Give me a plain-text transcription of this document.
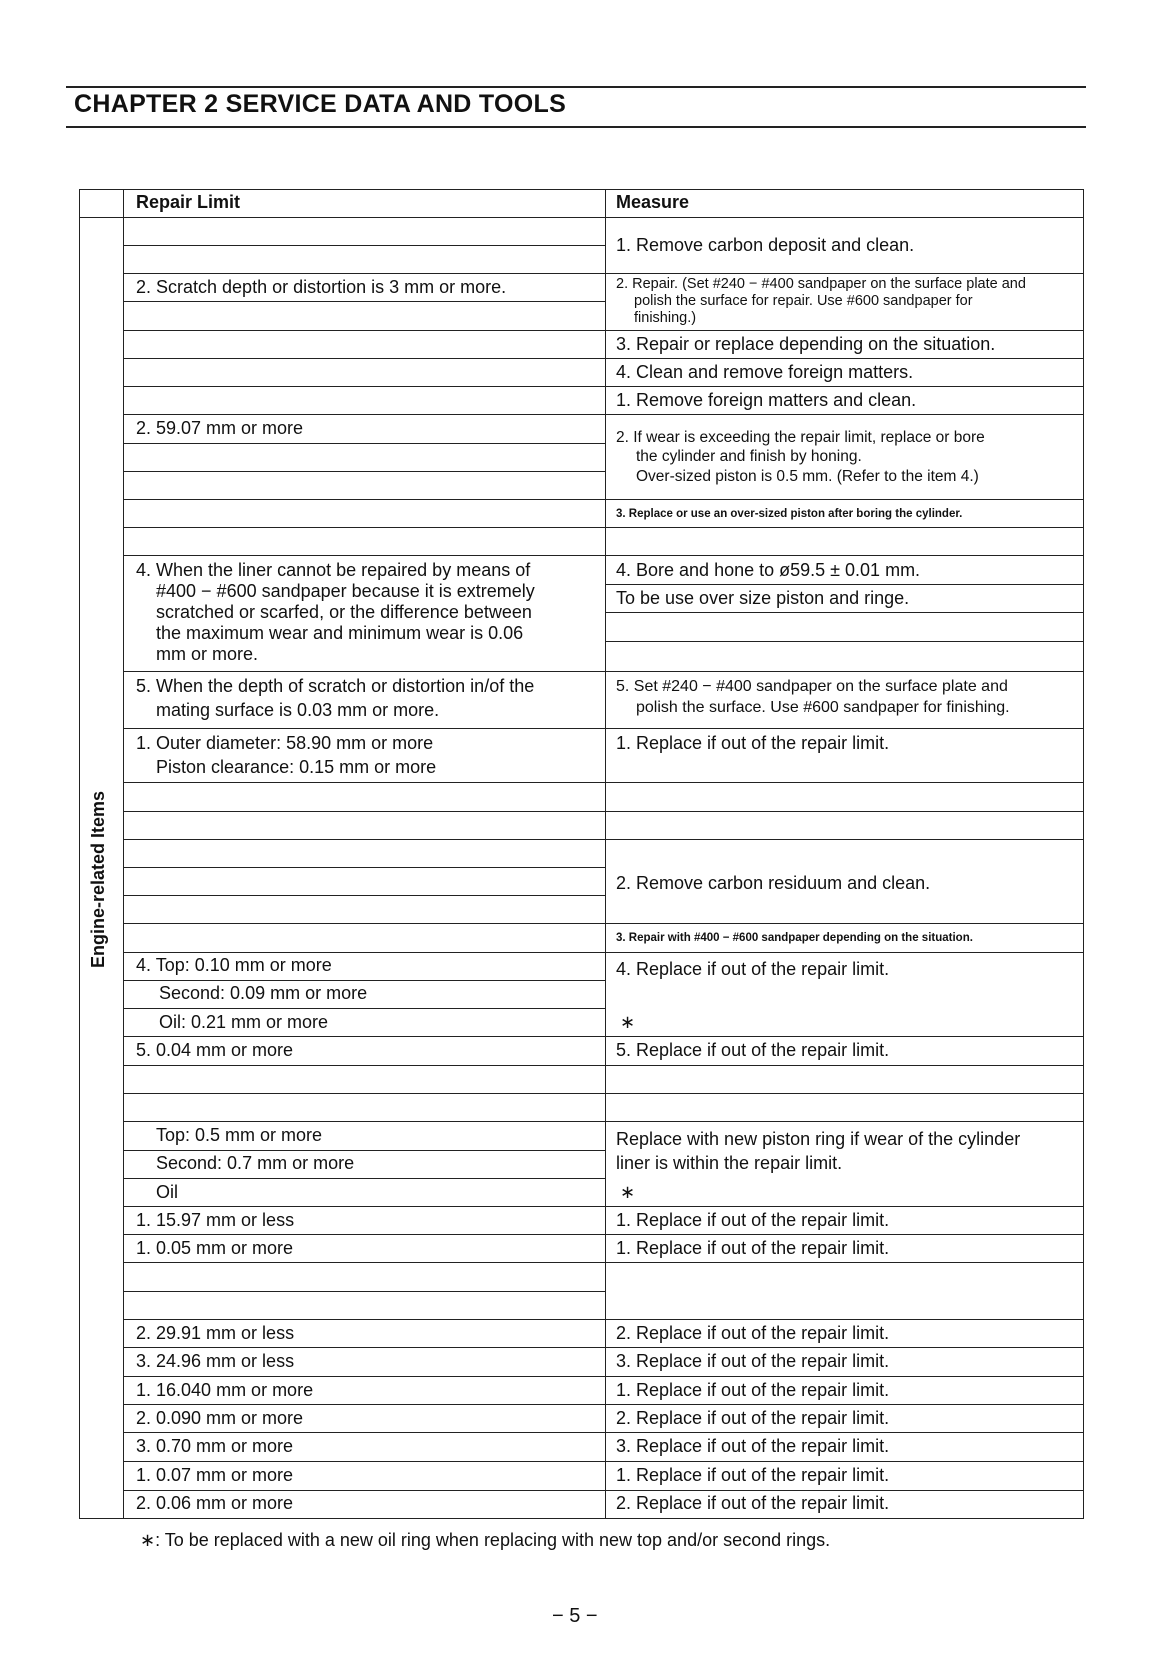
CHAPTER 2 SERVICE DATA AND TOOLS
Repair Limit	Measure
Engine-related Items
2. Scratch depth or distortion is 3 mm or more.
2. 59.07 mm or more
4. When the liner cannot be repaired by means of
#400 − #600 sandpaper because it is extremely
scratched or scarfed, or the difference between
the maximum wear and minimum wear is 0.06
mm or more.
5. When the depth of scratch or distortion in/of the
mating surface is 0.03 mm or more.
1. Outer diameter: 58.90 mm or more
Piston clearance: 0.15 mm or more
4. Top: 0.10 mm or more
Second: 0.09 mm or more
Oil: 0.21 mm or more
5. 0.04 mm or more
Top: 0.5 mm or more
Second: 0.7 mm or more
Oil
1. 15.97 mm or less
1. 0.05 mm or more
2. 29.91 mm or less
3. 24.96 mm or less
1. 16.040 mm or more
2. 0.090 mm or more
3. 0.70 mm or more
1. 0.07 mm or more
2. 0.06 mm or more
1. Remove carbon deposit and clean.
2. Repair. (Set #240 − #400 sandpaper on the surface plate and
polish the surface for repair. Use #600 sandpaper for
finishing.)
3. Repair or replace depending on the situation.
4. Clean and remove foreign matters.
1. Remove foreign matters and clean.
2. If wear is exceeding the repair limit, replace or bore
the cylinder and finish by honing.
Over-sized piston is 0.5 mm. (Refer to the item 4.)
3. Replace or use an over-sized piston after boring the cylinder.
4. Bore and hone to ø59.5 ± 0.01 mm.
To be use over size piston and ringe.
5. Set #240 − #400 sandpaper on the surface plate and
polish the surface. Use #600 sandpaper for finishing.
1. Replace if out of the repair limit.
2. Remove carbon residuum and clean.
3. Repair with #400 − #600 sandpaper depending on the situation.
4. Replace if out of the repair limit.
∗
5. Replace if out of the repair limit.
Replace with new piston ring if wear of the cylinder
liner is within the repair limit.
∗
1. Replace if out of the repair limit.
1. Replace if out of the repair limit.
2. Replace if out of the repair limit.
3. Replace if out of the repair limit.
1. Replace if out of the repair limit.
2. Replace if out of the repair limit.
3. Replace if out of the repair limit.
1. Replace if out of the repair limit.
2. Replace if out of the repair limit.
∗: To be replaced with a new oil ring when replacing with new top and/or second rings.
− 5 −
